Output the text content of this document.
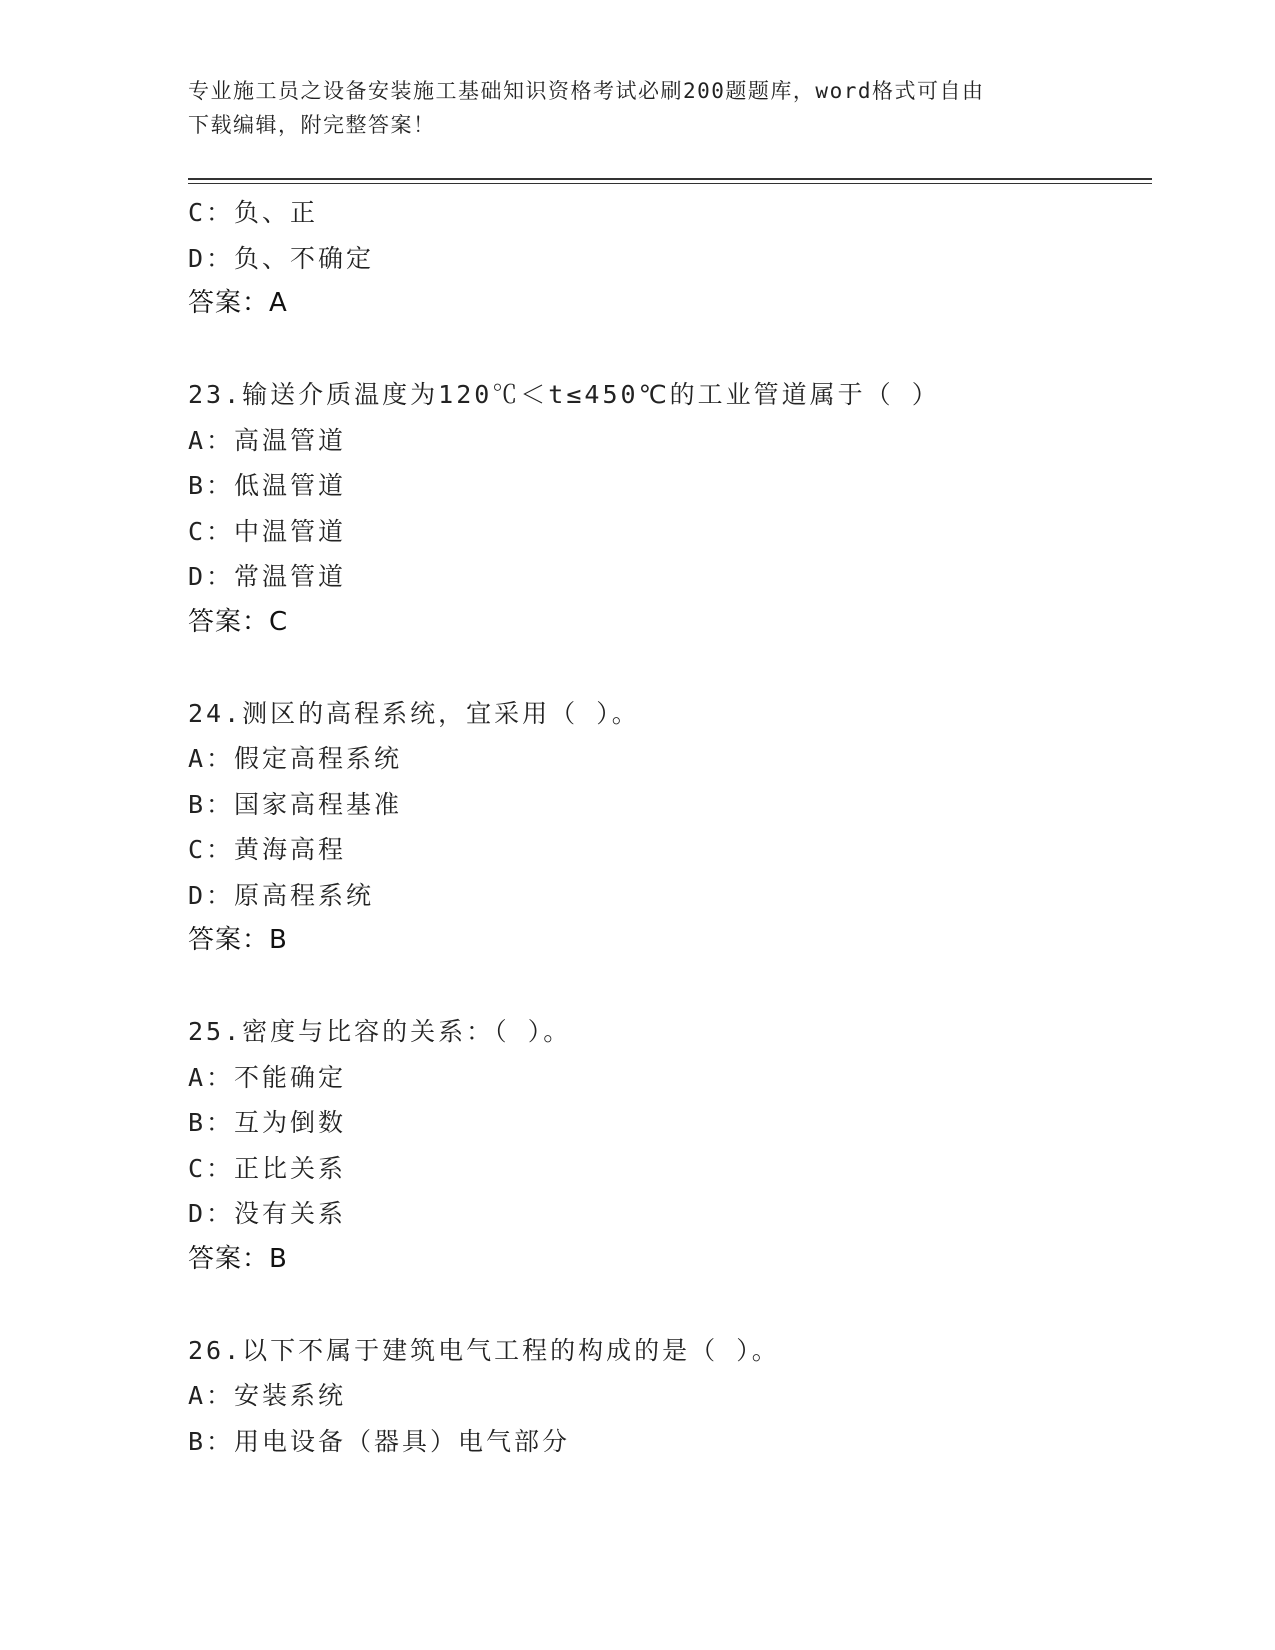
专业施工员之设备安装施工基础知识资格考试必刷200题题库，word格式可自由
下载编辑，附完整答案！
C：负、正
D：负、不确定
答案：A
23.输送介质温度为120℃＜t≤450℃的工业管道属于（ ）
A：高温管道
B：低温管道
C：中温管道
D：常温管道
答案：C
24.测区的高程系统，宜采用（ ）。
A：假定高程系统
B：国家高程基准
C：黄海高程
D：原高程系统
答案：B
25.密度与比容的关系：（ ）。
A：不能确定
B：互为倒数
C：正比关系
D：没有关系
答案：B
26.以下不属于建筑电气工程的构成的是（ ）。
A：安装系统
B：用电设备（器具）电气部分
